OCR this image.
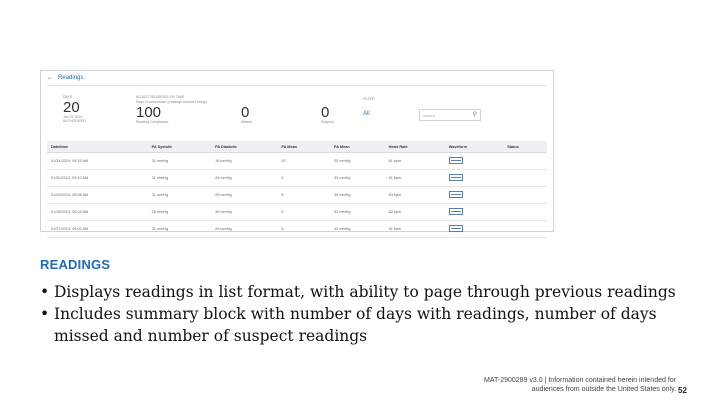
⌄ Readings
DAYS
20
Jan 31 2019
AUTHORIZED
ADJUST READINGS ON TIME
Days in compliance (readings received today)
100
Reading Compliance
0
Missed
0
Suspect
FILTER
All	search	⚲
Date/time	PA Systolic	PA Diastolic	PA Mean	PA Mean	Heart Rate	Waveform	Status
01/31/2019, 09:15 AM	31 mmHg	16 mmHg	20	20 mmHg	61 bpm		
01/30/2019, 09:10 AM	31 mmHg	26 mmHg	8	33 mmHg	61 bpm		
01/29/2019, 09:08 AM	31 mmHg	25 mmHg	8	39 mmHg	63 bpm		
01/28/2019, 09:04 AM	26 mmHg	30 mmHg	5	33 mmHg	62 bpm		
01/27/2019, 09:02 AM	31 mmHg	26 mmHg	8	42 mmHg	61 bpm		
READINGS
• Displays readings in list format, with ability to page through previous readings
• Includes summary block with number of days with readings, number of days missed and number of suspect readings
MAT-2900289 v3.0 | Information contained herein intended for
audiences from outside the United States only. 52
